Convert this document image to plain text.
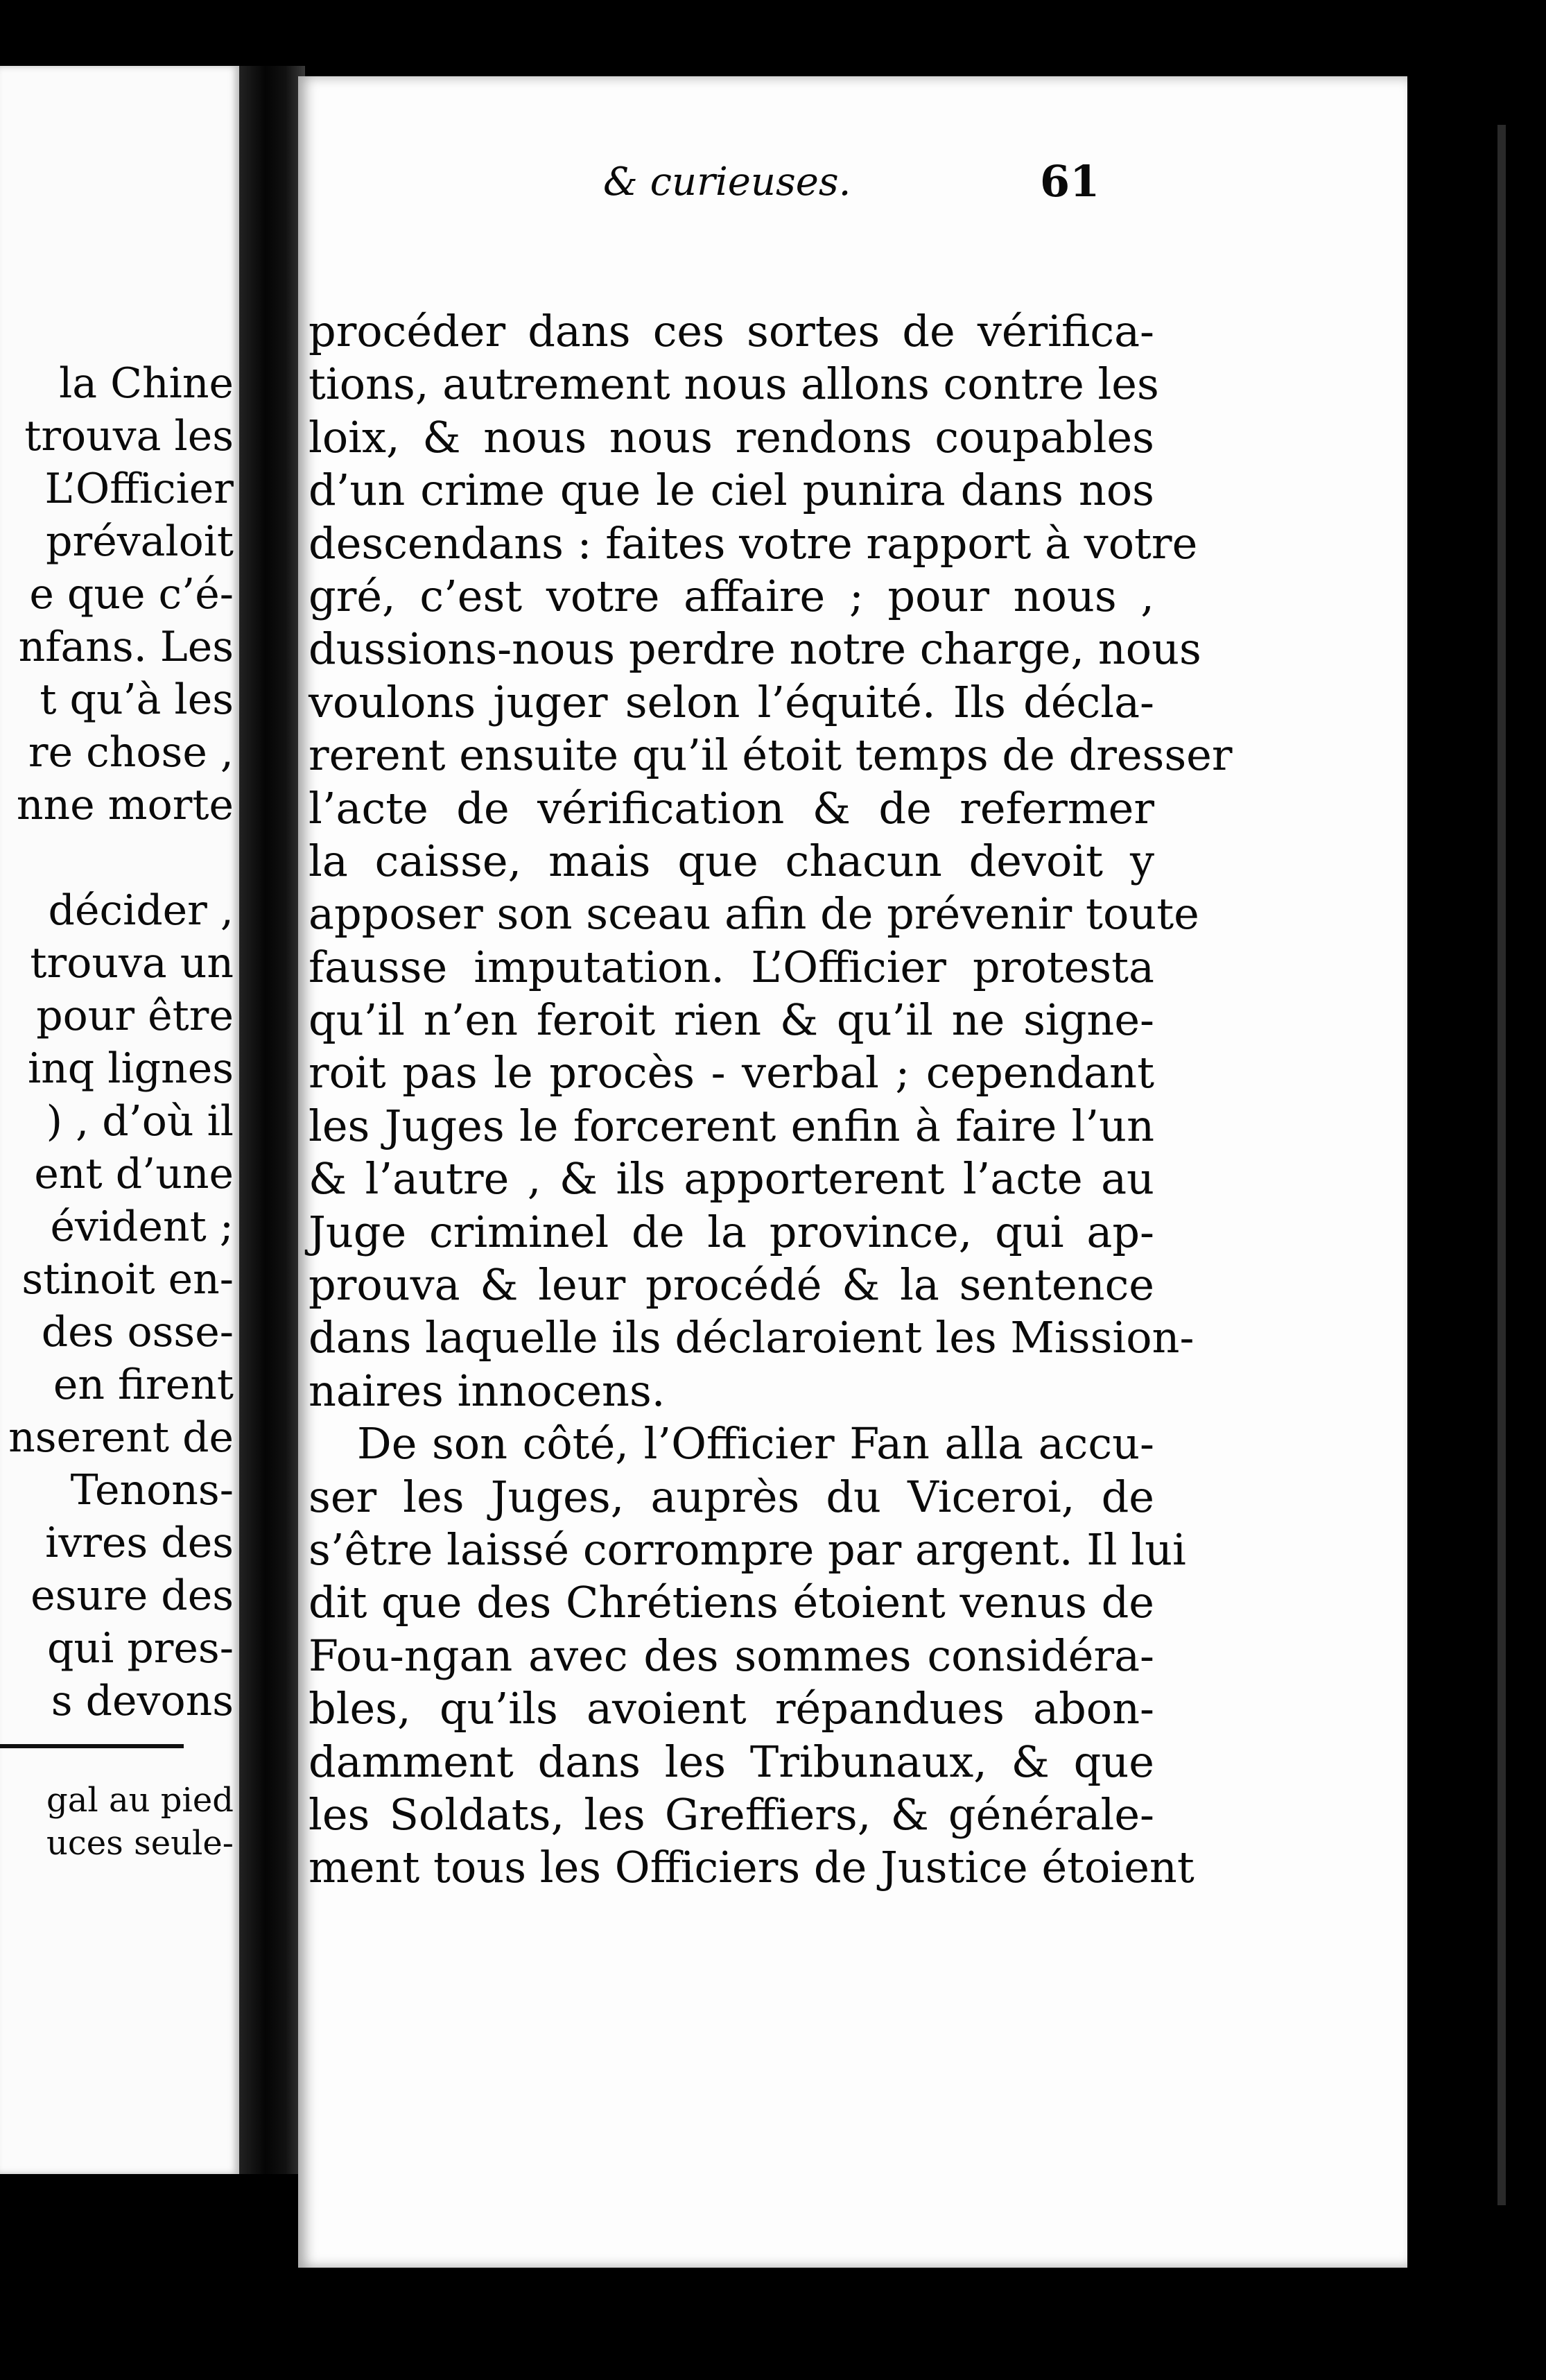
la Chine
trouva les
L’Officier
prévaloit
e que c’é-
nfans. Les
t qu’à les
re chose ,
nne morte
décider ,
trouva un
pour être
inq lignes
) , d’où il
ent d’une
évident ;
stinoit en-
des osse-
en firent
nserent de
Tenons-
ivres des
esure des
qui pres-
s devons
gal au pied
uces seule-
& curieuses.	61
procéder dans ces sortes de vérifica-
tions, autrement nous allons contre les
loix, & nous nous rendons coupables
d’un crime que le ciel punira dans nos
descendans : faites votre rapport à votre
gré, c’est votre affaire ; pour nous ,
dussions-nous perdre notre charge, nous
voulons juger selon l’équité. Ils décla-
rerent ensuite qu’il étoit temps de dresser
l’acte de vérification & de refermer
la caisse, mais que chacun devoit y
apposer son sceau afin de prévenir toute
fausse imputation. L’Officier protesta
qu’il n’en feroit rien & qu’il ne signe-
roit pas le procès - verbal ; cependant
les Juges le forcerent enfin à faire l’un
& l’autre , & ils apporterent l’acte au
Juge criminel de la province, qui ap-
prouva & leur procédé & la sentence
dans laquelle ils déclaroient les Mission-
naires innocens.
De son côté, l’Officier Fan alla accu-
ser les Juges, auprès du Viceroi, de
s’être laissé corrompre par argent. Il lui
dit que des Chrétiens étoient venus de
Fou-ngan avec des sommes considéra-
bles, qu’ils avoient répandues abon-
damment dans les Tribunaux, & que
les Soldats, les Greffiers, & générale-
ment tous les Officiers de Justice étoient
